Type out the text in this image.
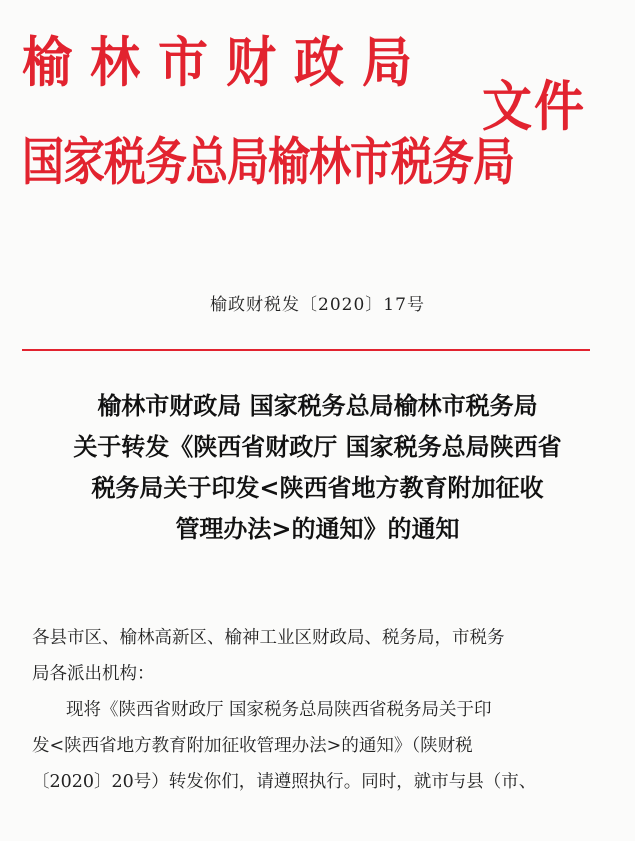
榆林市财政局
国家税务总局榆林市税务局
文件
榆政财税发〔2020〕17号
榆林市财政局 国家税务总局榆林市税务局
关于转发《陕西省财政厅 国家税务总局陕西省
税务局关于印发<陕西省地方教育附加征收
管理办法>的通知》的通知

各县市区、榆林高新区、榆神工业区财政局、税务局，市税务
局各派出机构：

现将《陕西省财政厅 国家税务总局陕西省税务局关于印
发<陕西省地方教育附加征收管理办法>的通知》（陕财税
〔2020〕20号）转发你们，请遵照执行。同时，就市与县（市、
